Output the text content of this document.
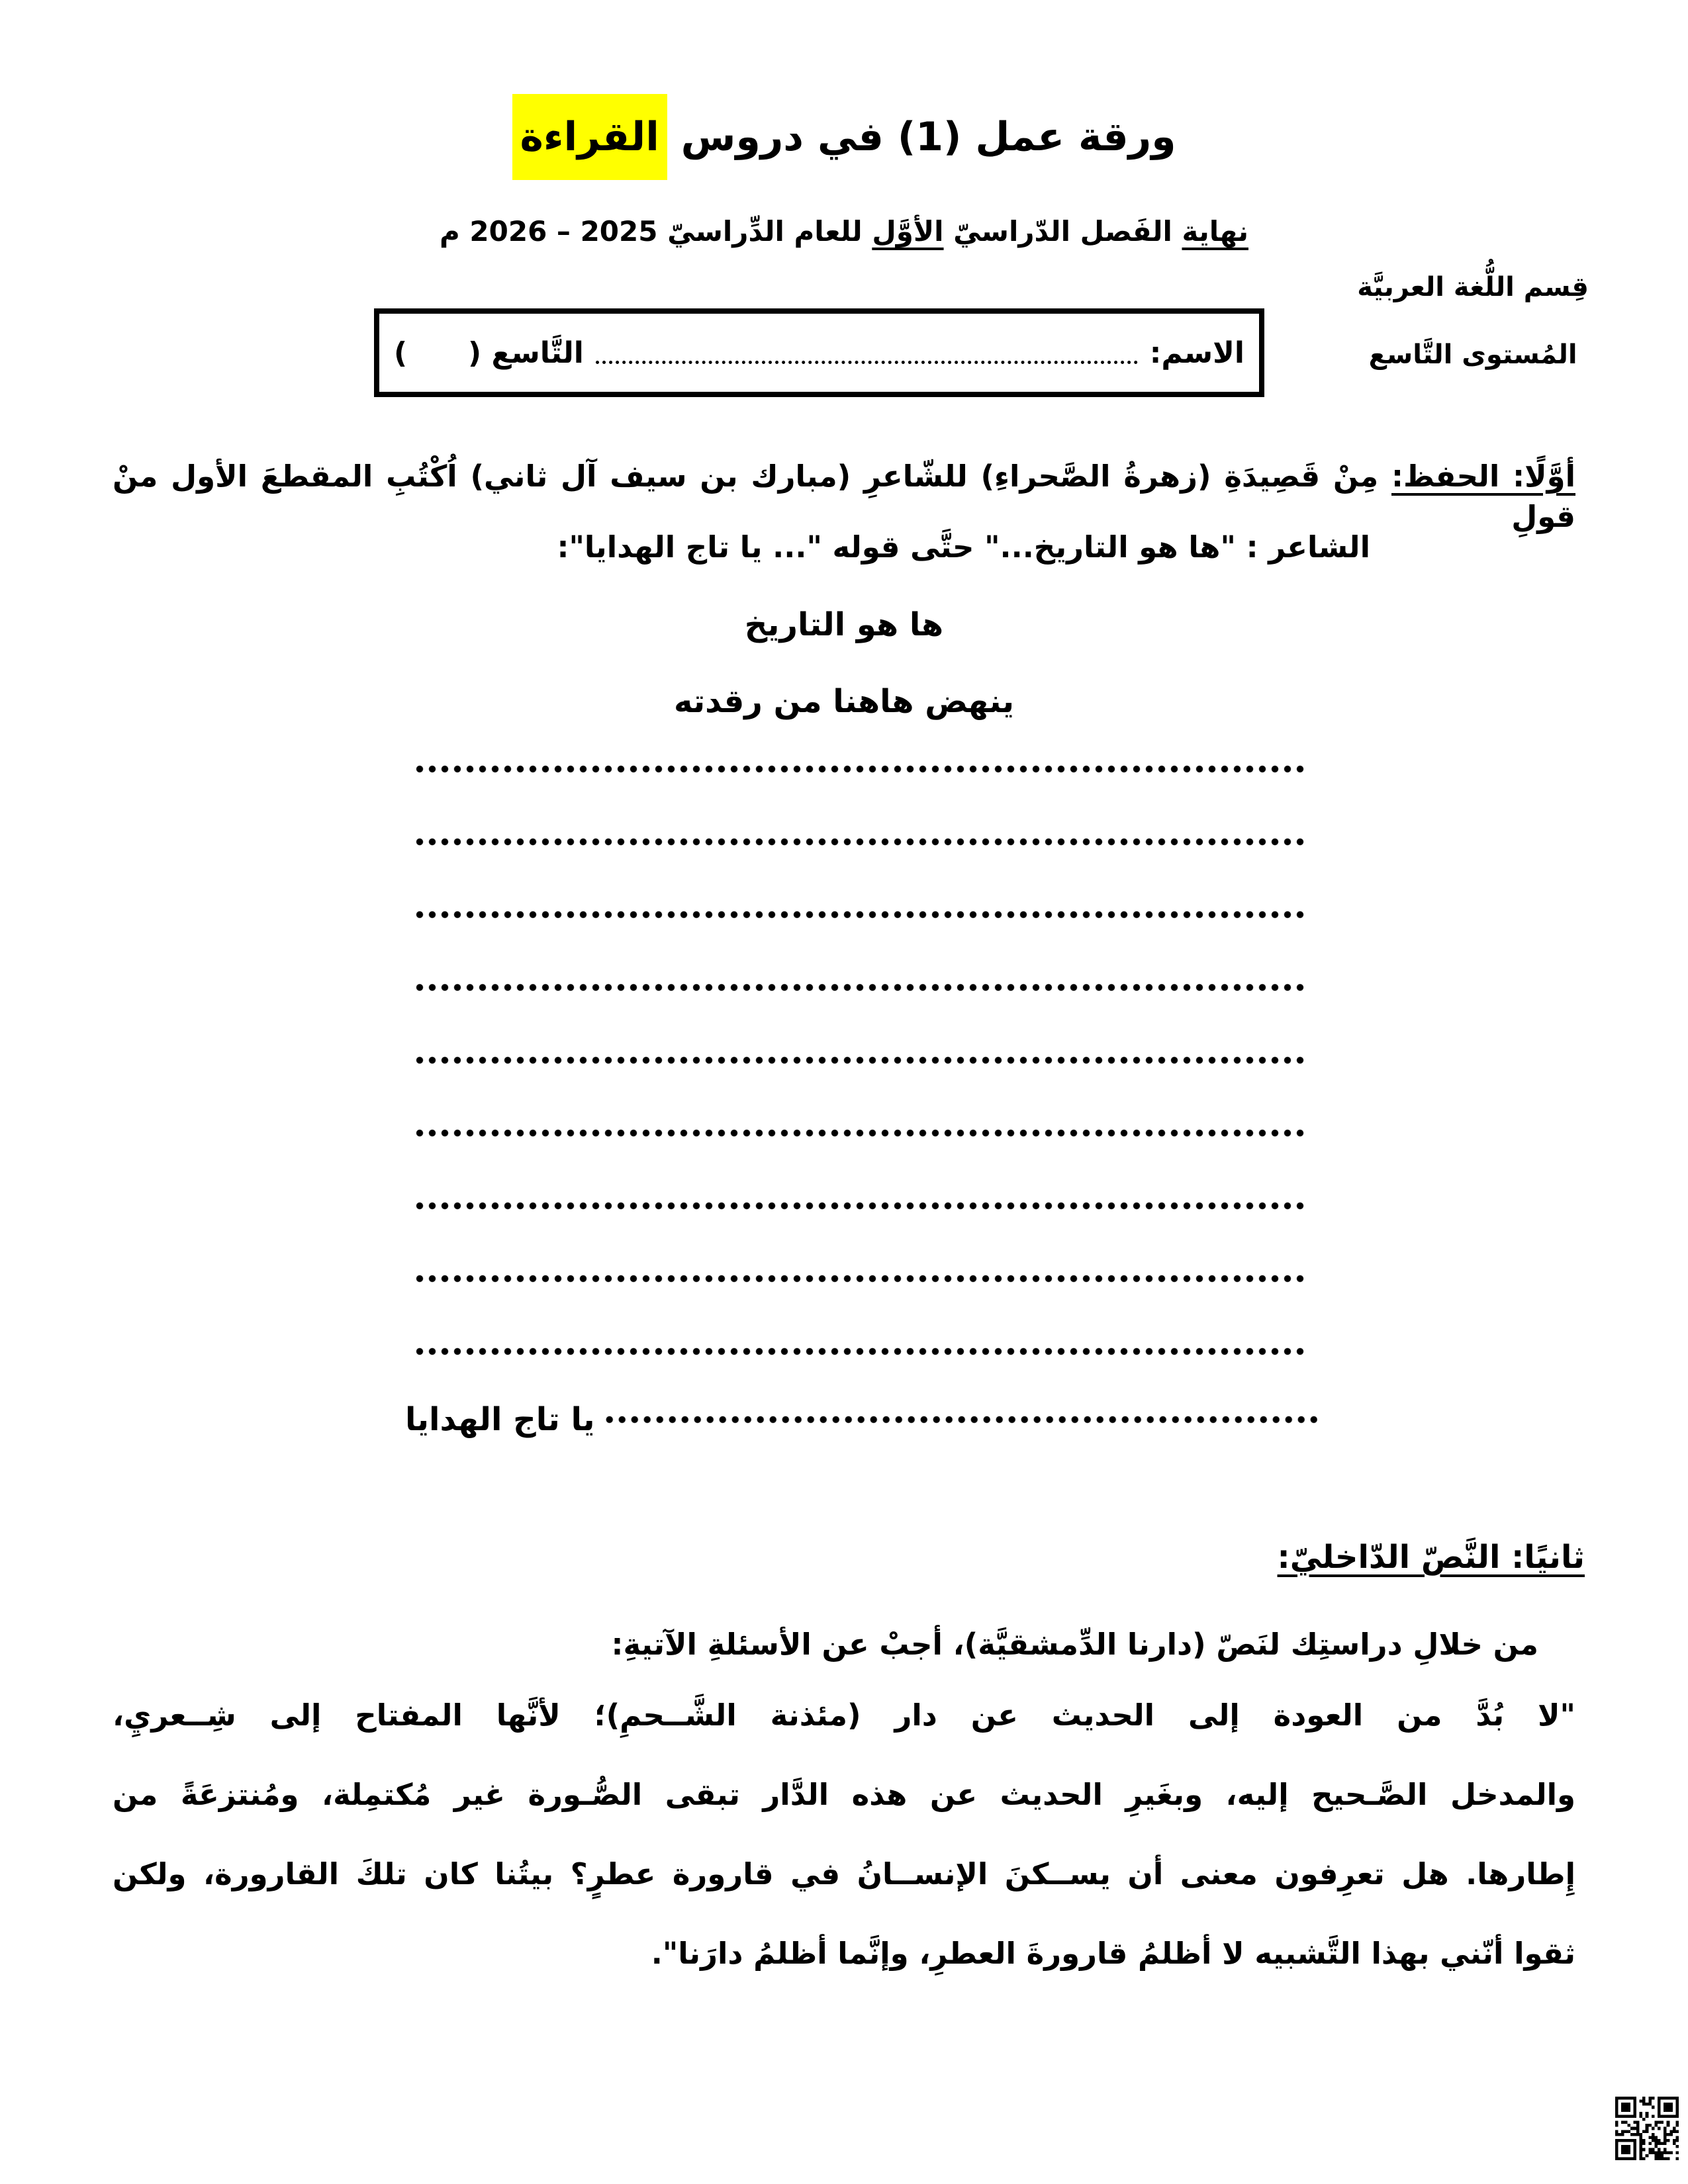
ورقة عمل (1) في دروس القراءة
نهاية الفَصل الدّراسيّ الأوَّل للعام الدِّراسيّ 2025 – 2026 م
قِسم اللُّغة العربيَّة
المُستوى التَّاسع
الاسم:
التَّاسع (      )
أوَّلًا: الحفظ: مِنْ قَصِيدَةِ (زهرةُ الصَّحراءِ) للشّاعرِ (مبارك بن سيف آل ثاني) اُكْتُبِ المقطعَ الأول منْ قولِ
الشاعر : "ها هو التاريخ..." حتَّى قوله "... يا تاج الهدايا":
ها هو التاريخ
ينهض هاهنا من رقدته
يا تاج الهدايا
ثانيًا: النَّصّ الدّاخليّ:
من خلالِ دراستِك لنَصّ (دارنا الدِّمشقيَّة)، أجبْ عن الأسئلةِ الآتيةِ:
"لا بُدَّ من العودة إلى الحديث عن دار (مئذنة الشَّــحمِ)؛ لأنَّها المفتاح إلى شِــعريِ،
والمدخل الصَّـحيح إليه، وبغَيرِ الحديث عن هذه الدَّار تبقى الصُّـورة غير مُكتمِلة، ومُنتزعَةً من
إِطارها. هل تعرِفون معنى أن يســكنَ الإنســانُ في قارورة عطرٍ؟ بيتُنا كان تلكَ القارورة، ولكن
ثقوا أنّني بهذا التَّشبيه لا أظلمُ قارورةَ العطرِ، وإنَّما أظلمُ دارَنا".
